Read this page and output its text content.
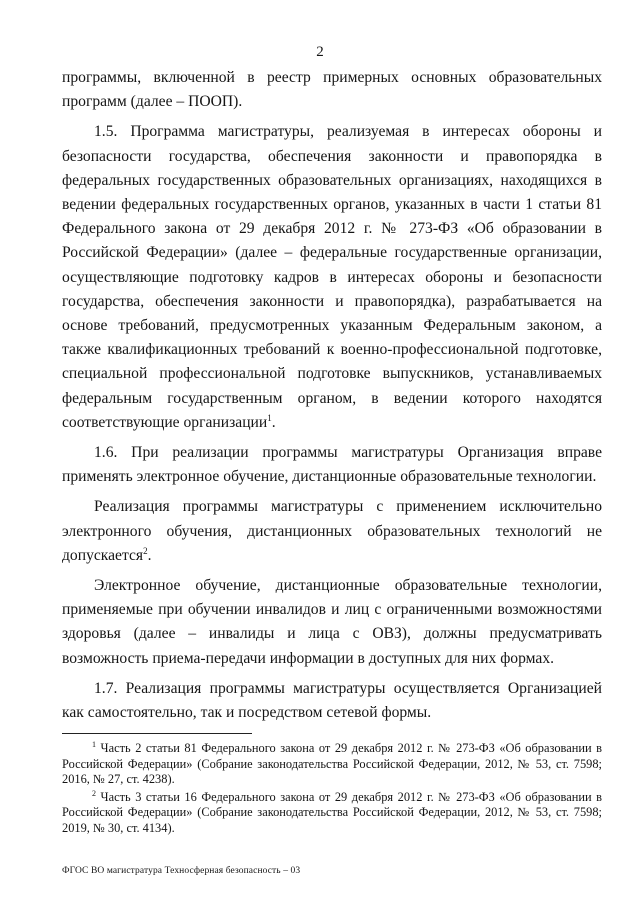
2

программы, включенной в реестр примерных основных образовательных программ (далее – ПООП).

1.5. Программа магистратуры, реализуемая в интересах обороны и безопасности государства, обеспечения законности и правопорядка в федеральных государственных образовательных организациях, находящихся в ведении федеральных государственных органов, указанных в части 1 статьи 81 Федерального закона от 29 декабря 2012 г. № 273-ФЗ «Об образовании в Российской Федерации» (далее – федеральные государственные организации, осуществляющие подготовку кадров в интересах обороны и безопасности государства, обеспечения законности и правопорядка), разрабатывается на основе требований, предусмотренных указанным Федеральным законом, а также квалификационных требований к военно-профессиональной подготовке, специальной профессиональной подготовке выпускников, устанавливаемых федеральным государственным органом, в ведении которого находятся соответствующие организации$^1$.

1.6. При реализации программы магистратуры Организация вправе применять электронное обучение, дистанционные образовательные технологии.

Реализация программы магистратуры с применением исключительно электронного обучения, дистанционных образовательных технологий не допускается$^2$.

Электронное обучение, дистанционные образовательные технологии, применяемые при обучении инвалидов и лиц с ограниченными возможностями здоровья (далее – инвалиды и лица с ОВЗ), должны предусматривать возможность приема-передачи информации в доступных для них формах.

1.7. Реализация программы магистратуры осуществляется Организацией как самостоятельно, так и посредством сетевой формы.

$^1$ Часть 2 статьи 81 Федерального закона от 29 декабря 2012 г. № 273-ФЗ «Об образовании в Российской Федерации» (Собрание законодательства Российской Федерации, 2012, № 53, ст. 7598; 2016, № 27, ст. 4238).

$^2$ Часть 3 статьи 16 Федерального закона от 29 декабря 2012 г. № 273-ФЗ «Об образовании в Российской Федерации» (Собрание законодательства Российской Федерации, 2012, № 53, ст. 7598; 2019, № 30, ст. 4134).

ФГОС ВО магистратура Техносферная безопасность – 03
